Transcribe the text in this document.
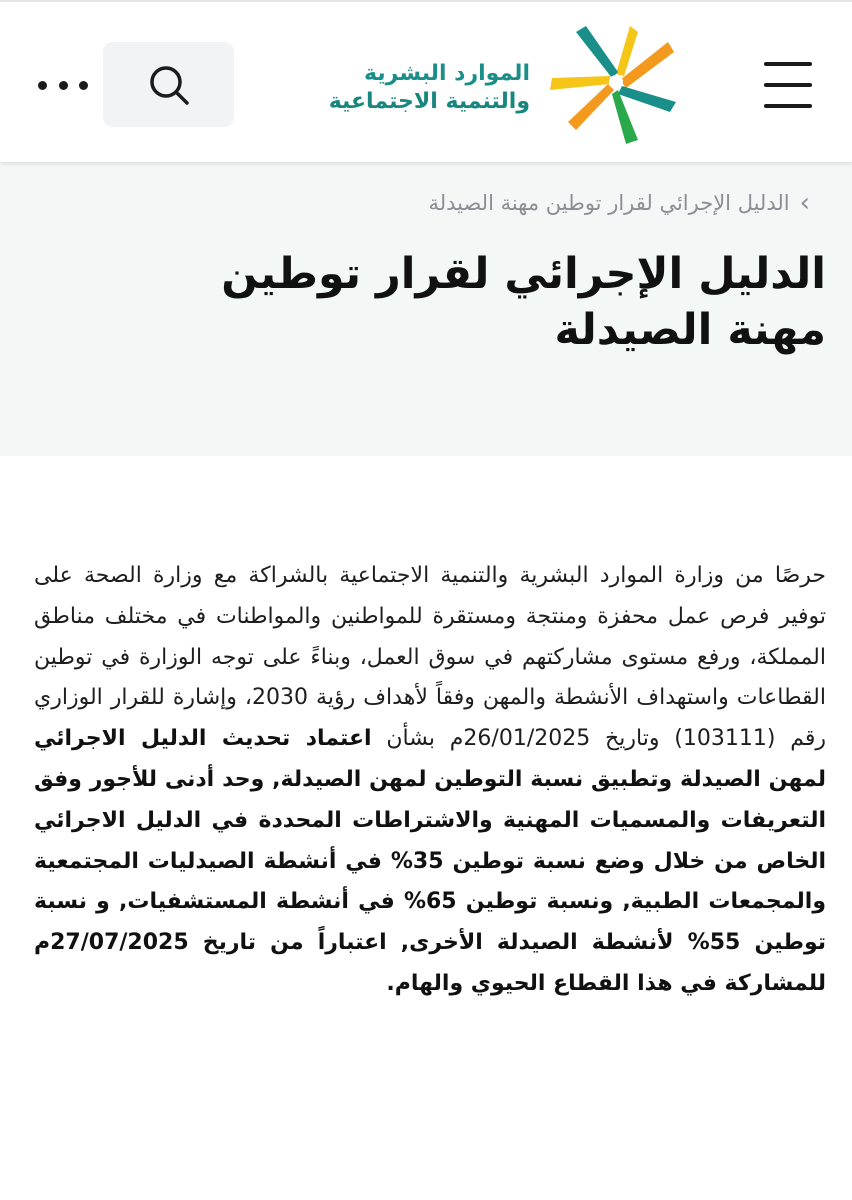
الموارد البشرية
والتنمية الاجتماعية
›
الدليل الإجرائي لقرار توطين مهنة الصيدلة
الدليل الإجرائي لقرار توطين مهنة الصيدلة

حرصًا من وزارة الموارد البشرية والتنمية الاجتماعية بالشراكة مع وزارة الصحة على توفير فرص عمل محفزة ومنتجة ومستقرة للمواطنين والمواطنات في مختلف مناطق المملكة، ورفع مستوى مشاركتهم في سوق العمل، وبناءً على توجه الوزارة في توطين القطاعات واستهداف الأنشطة والمهن وفقاً لأهداف رؤية 2030، وإشارة للقرار الوزاري رقم (103111) وتاريخ 26/01/2025م بشأن اعتماد تحديث الدليل الاجرائي لمهن الصيدلة وتطبيق نسبة التوطين لمهن الصيدلة, وحد أدنى للأجور وفق التعريفات والمسميات المهنية والاشتراطات المحددة في الدليل الاجرائي الخاص من خلال وضع نسبة توطين 35% في أنشطة الصيدليات المجتمعية والمجمعات الطبية, ونسبة توطين 65% في أنشطة المستشفيات, و نسبة توطين 55% لأنشطة الصيدلة الأخرى, اعتباراً من تاريخ 27/07/2025م للمشاركة في هذا القطاع الحيوي والهام.
